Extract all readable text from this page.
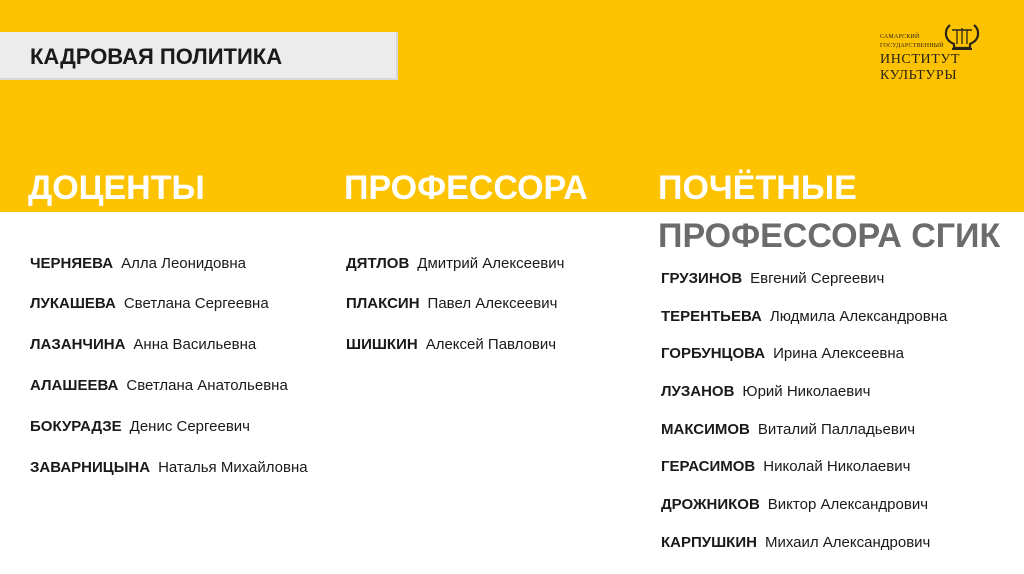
КАДРОВАЯ ПОЛИТИКА
САМАРСКИЙ
ГОСУДАРСТВЕННЫЙ
ИНСТИТУТ
КУЛЬТУРЫ
ДОЦЕНТЫ	ПРОФЕССОРА ПОЧЁТНЫЕ
ПРОФЕССОРА СГИК
ЧЕРНЯЕВА Алла Леонидовна
ЛУКАШЕВА Светлана Сергеевна
ЛАЗАНЧИНА Анна Васильевна
АЛАШЕЕВА Светлана Анатольевна
БОКУРАДЗЕ Денис Сергеевич
ЗАВАРНИЦЫНА Наталья Михайловна
ДЯТЛОВ Дмитрий Алексеевич
ПЛАКСИН Павел Алексеевич
ШИШКИН Алексей Павлович
ГРУЗИНОВ Евгений Сергеевич
ТЕРЕНТЬЕВА Людмила Александровна
ГОРБУНЦОВА Ирина Алексеевна
ЛУЗАНОВ Юрий Николаевич
МАКСИМОВ Виталий Палладьевич
ГЕРАСИМОВ Николай Николаевич
ДРОЖНИКОВ Виктор Александрович
КАРПУШКИН Михаил Александрович
